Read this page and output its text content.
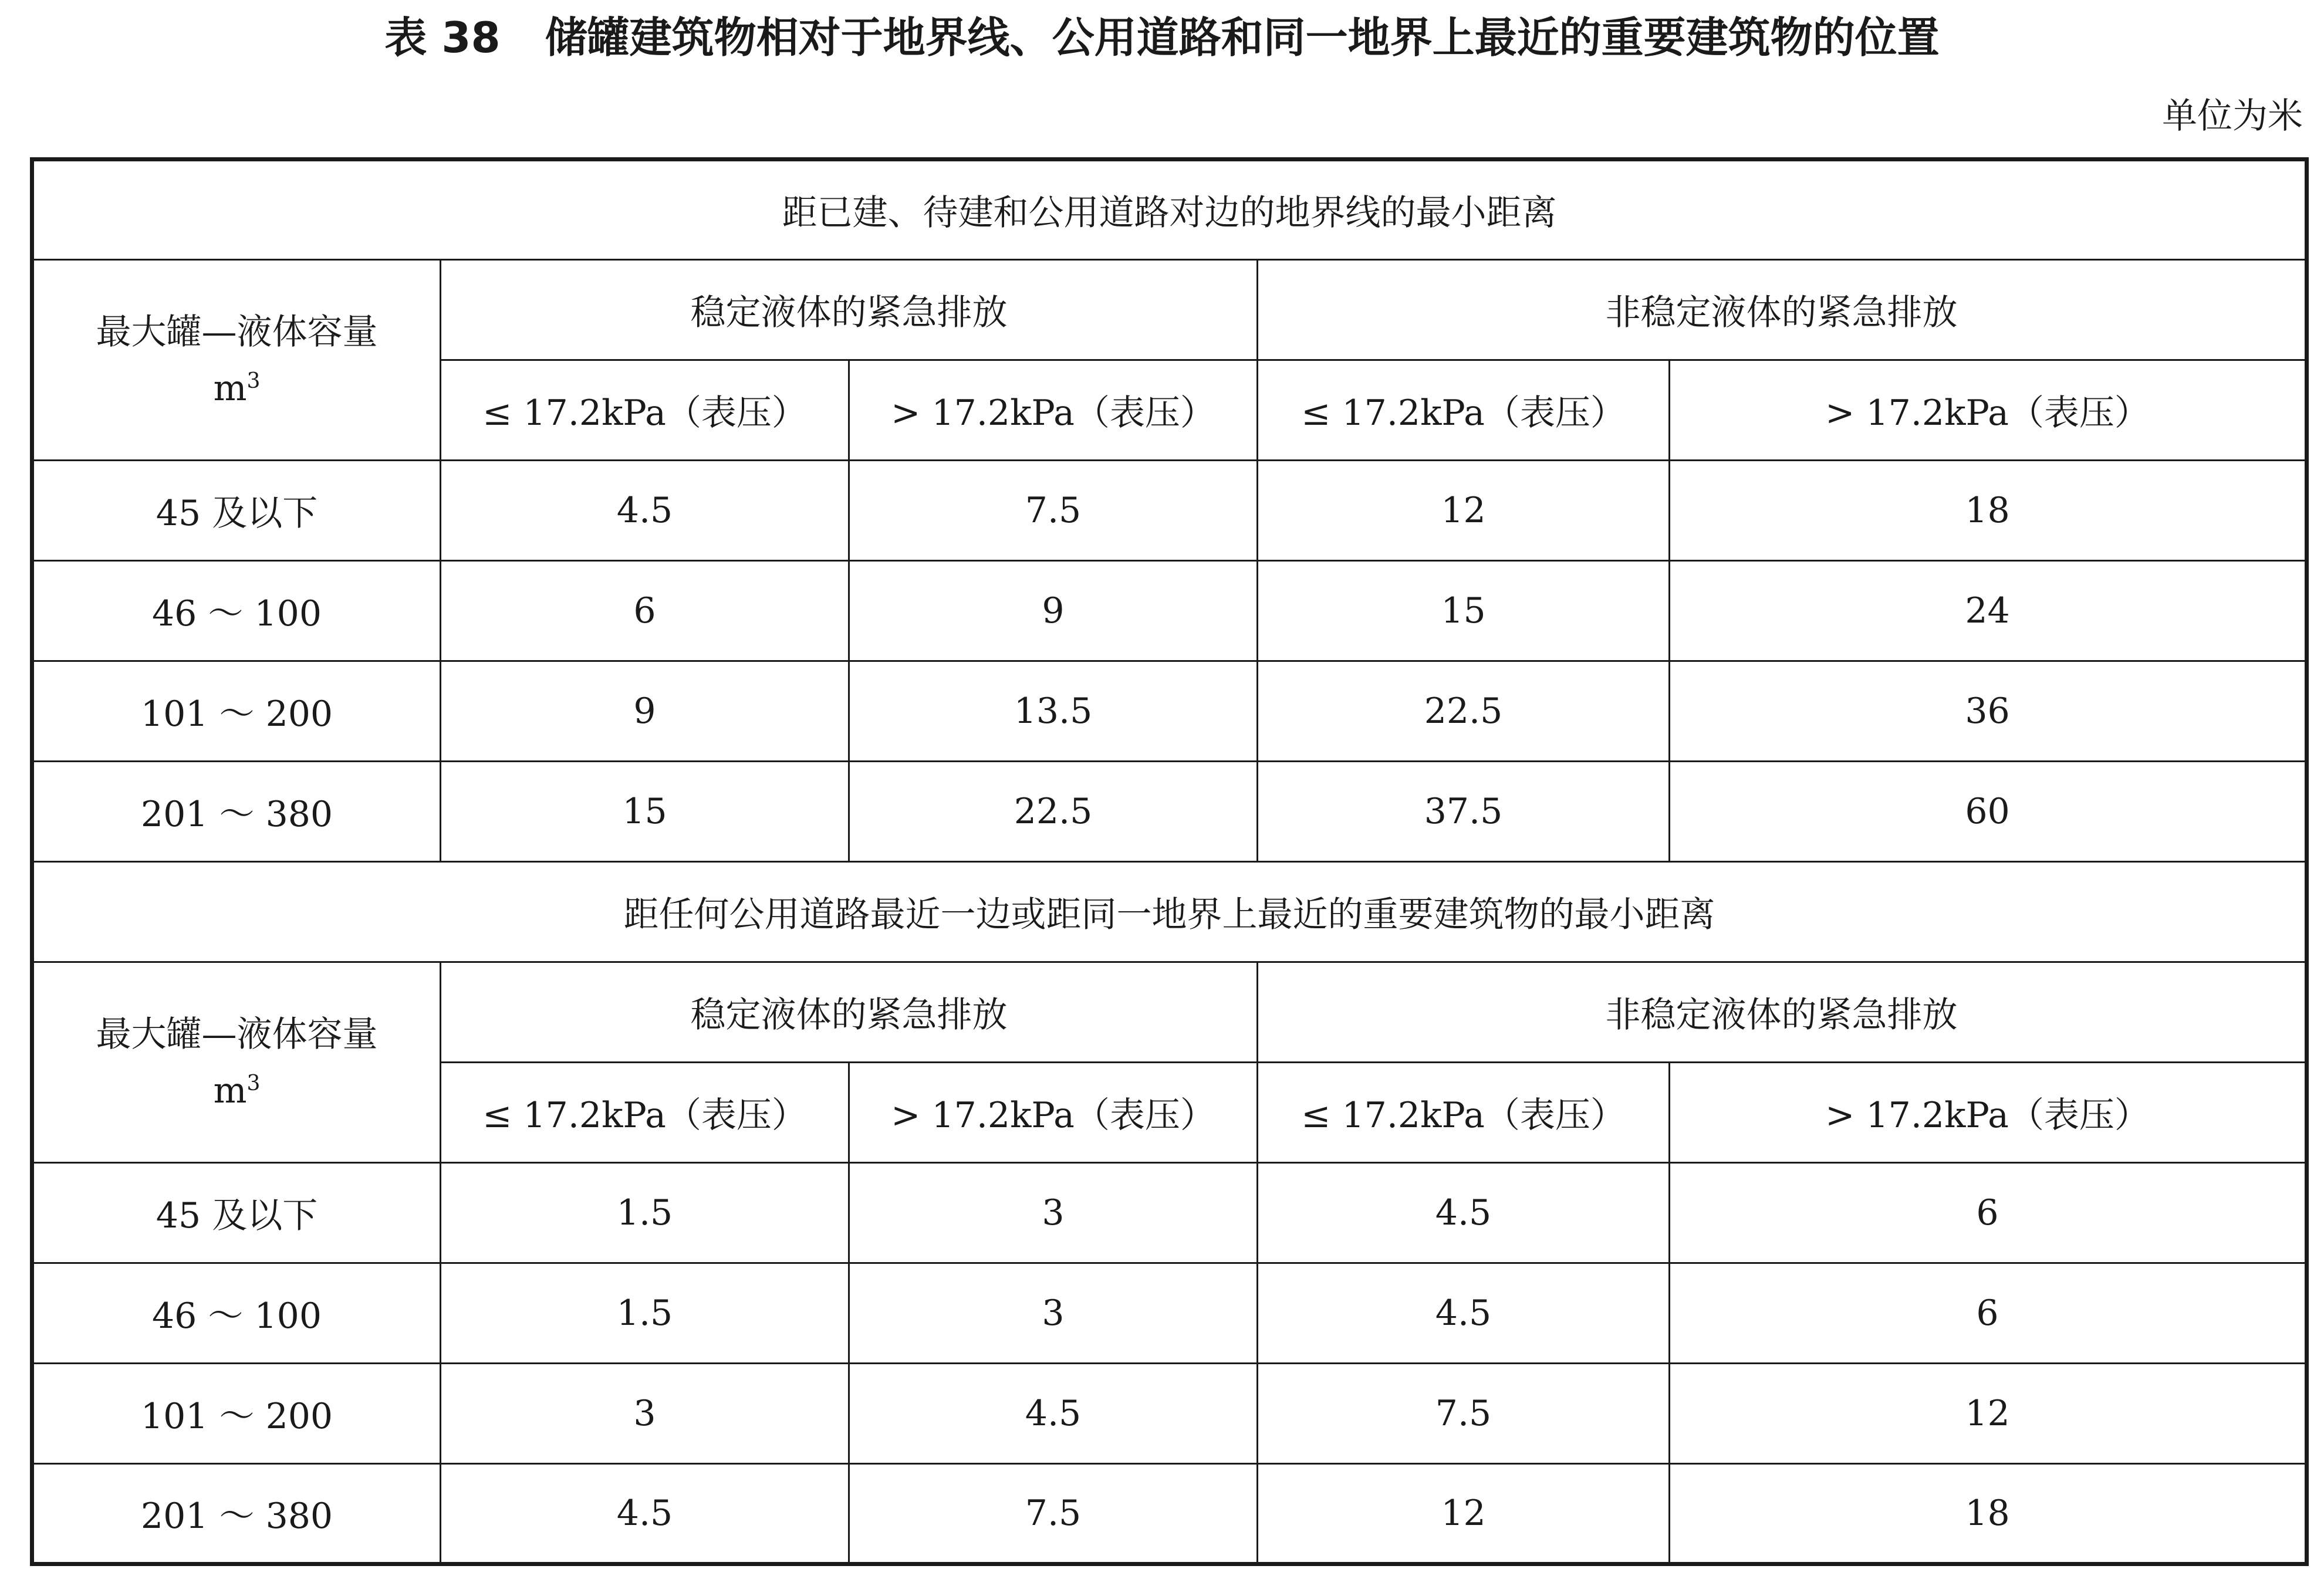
表 38 储罐建筑物相对于地界线、公用道路和同一地界上最近的重要建筑物的位置
单位为米
距已建、待建和公用道路对边的地界线的最小距离				

最大罐—液体容量
$m^3$	稳定液体的紧急排放		非稳定液体的紧急排放	
	≤ 17.2kPa（表压）	> 17.2kPa（表压）	≤ 17.2kPa（表压）	> 17.2kPa（表压）
45 及以下	4.5	7.5	12	18
46 ～ 100	6	9	15	24
101 ～ 200	9	13.5	22.5	36
201 ～ 380	15	22.5	37.5	60
距任何公用道路最近一边或距同一地界上最近的重要建筑物的最小距离				

最大罐—液体容量
$m^3$	稳定液体的紧急排放		非稳定液体的紧急排放	
	≤ 17.2kPa（表压）	> 17.2kPa（表压）	≤ 17.2kPa（表压）	> 17.2kPa（表压）
45 及以下	1.5	3	4.5	6
46 ～ 100	1.5	3	4.5	6
101 ～ 200	3	4.5	7.5	12
201 ～ 380	4.5	7.5	12	18
